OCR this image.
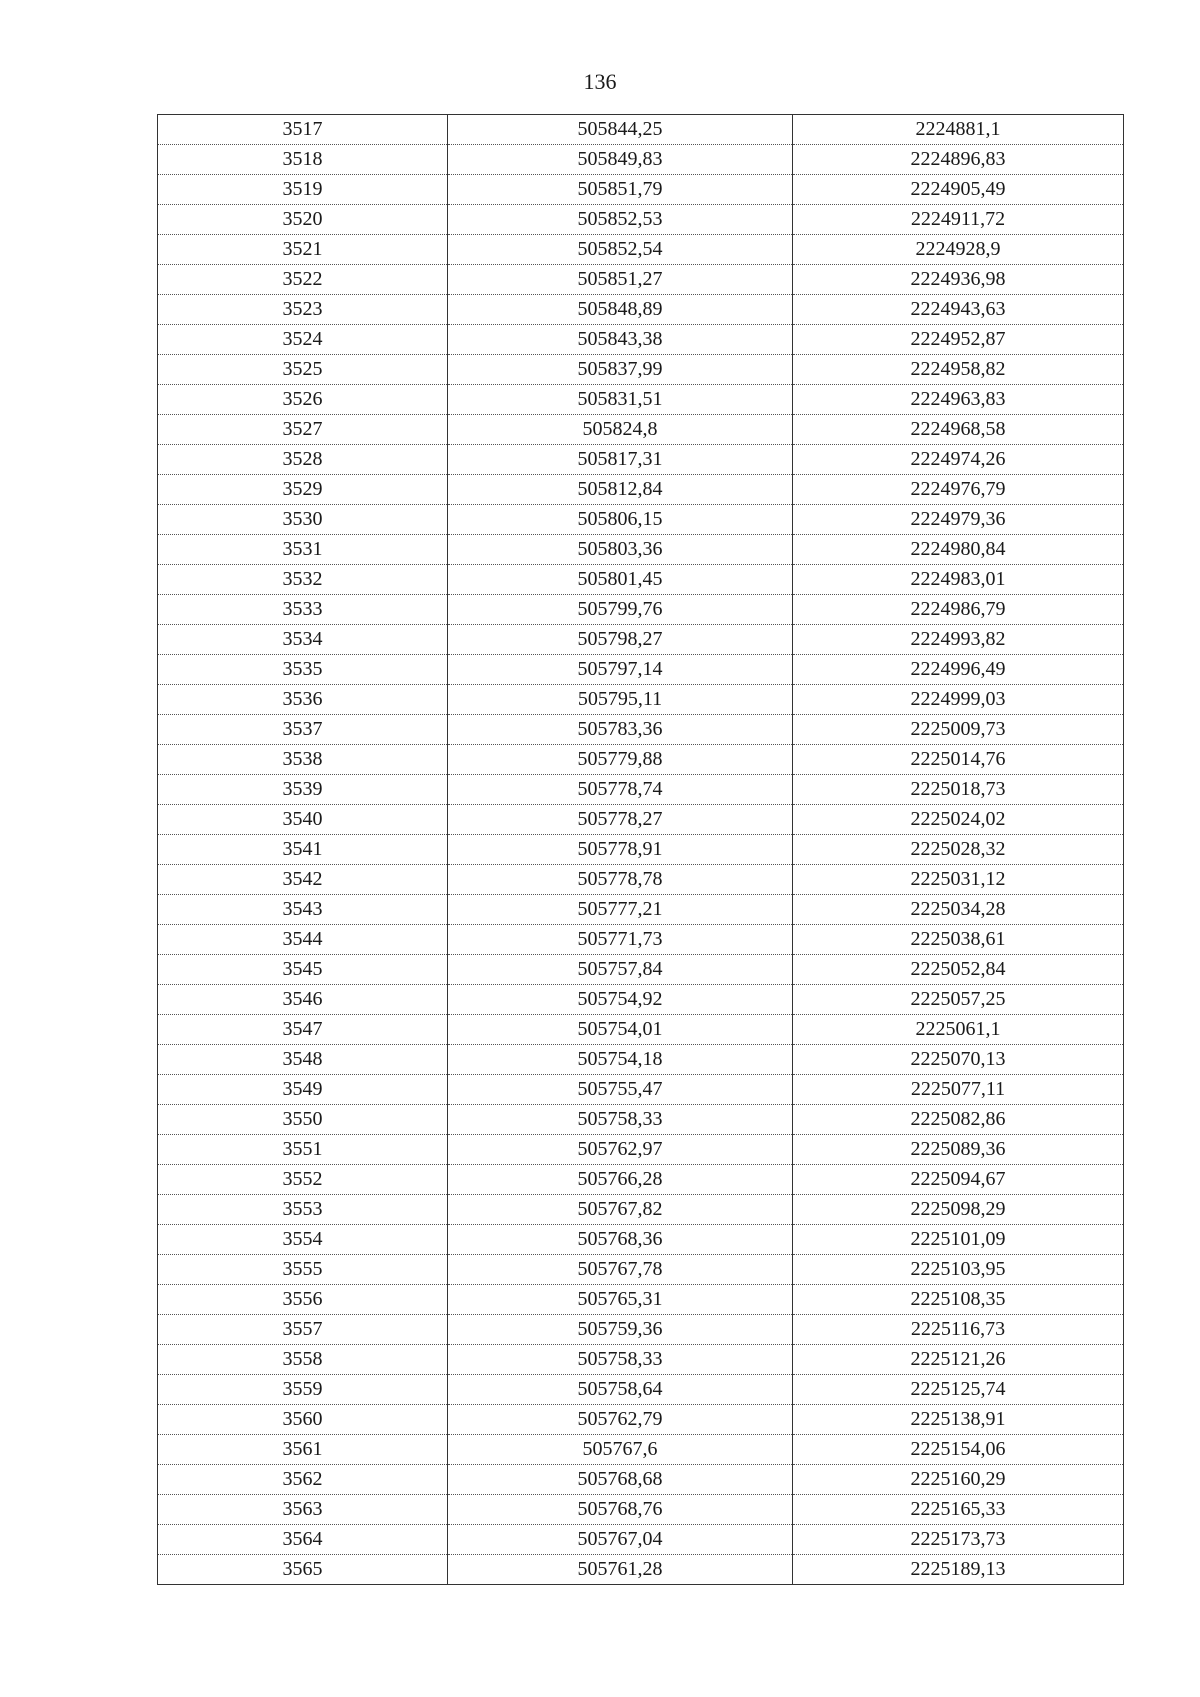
136
3517	505844,25	2224881,1
3518	505849,83	2224896,83
3519	505851,79	2224905,49
3520	505852,53	2224911,72
3521	505852,54	2224928,9
3522	505851,27	2224936,98
3523	505848,89	2224943,63
3524	505843,38	2224952,87
3525	505837,99	2224958,82
3526	505831,51	2224963,83
3527	505824,8	2224968,58
3528	505817,31	2224974,26
3529	505812,84	2224976,79
3530	505806,15	2224979,36
3531	505803,36	2224980,84
3532	505801,45	2224983,01
3533	505799,76	2224986,79
3534	505798,27	2224993,82
3535	505797,14	2224996,49
3536	505795,11	2224999,03
3537	505783,36	2225009,73
3538	505779,88	2225014,76
3539	505778,74	2225018,73
3540	505778,27	2225024,02
3541	505778,91	2225028,32
3542	505778,78	2225031,12
3543	505777,21	2225034,28
3544	505771,73	2225038,61
3545	505757,84	2225052,84
3546	505754,92	2225057,25
3547	505754,01	2225061,1
3548	505754,18	2225070,13
3549	505755,47	2225077,11
3550	505758,33	2225082,86
3551	505762,97	2225089,36
3552	505766,28	2225094,67
3553	505767,82	2225098,29
3554	505768,36	2225101,09
3555	505767,78	2225103,95
3556	505765,31	2225108,35
3557	505759,36	2225116,73
3558	505758,33	2225121,26
3559	505758,64	2225125,74
3560	505762,79	2225138,91
3561	505767,6	2225154,06
3562	505768,68	2225160,29
3563	505768,76	2225165,33
3564	505767,04	2225173,73
3565	505761,28	2225189,13
